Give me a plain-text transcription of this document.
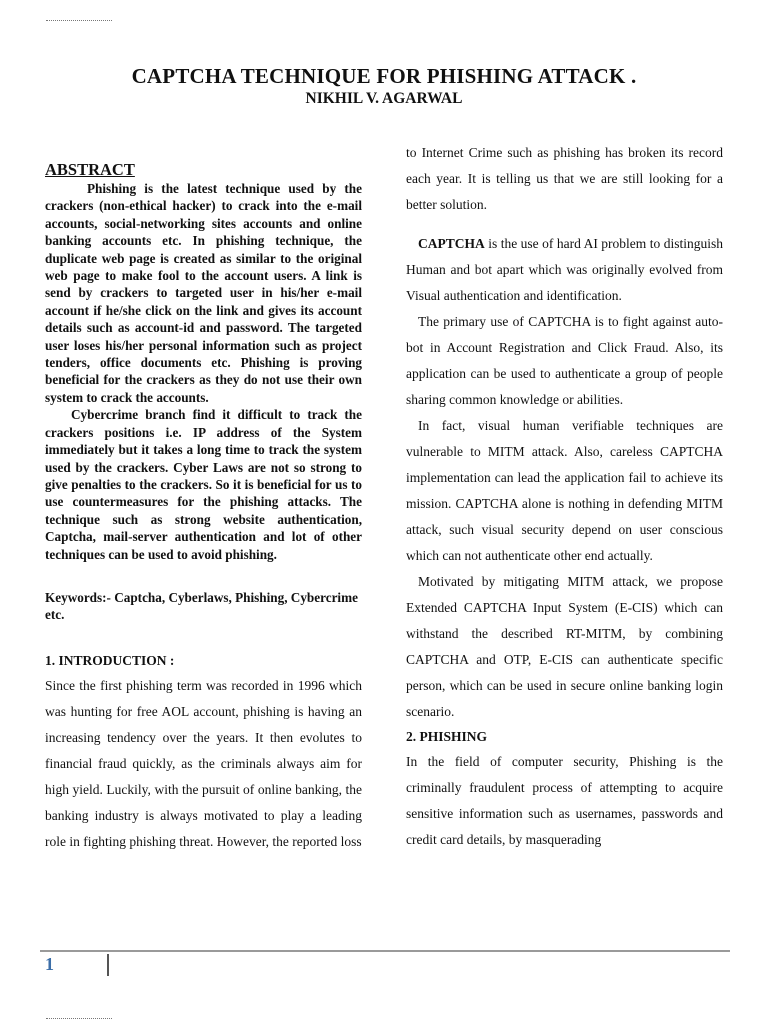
CAPTCHA TECHNIQUE FOR PHISHING ATTACK .
NIKHIL V. AGARWAL

ABSTRACT

Phishing is the latest technique used by the crackers (non-ethical hacker) to crack into the e-mail accounts, social-networking sites accounts and online banking accounts etc. In phishing technique, the duplicate web page is created as similar to the original web page to make fool to the account users. A link is send by crackers to targeted user in his/her e-mail account if he/she click on the link and gives its account details such as account-id and password. The targeted user loses his/her personal information such as project tenders, office documents etc. Phishing is proving beneficial for the crackers as they do not use their own system to crack the accounts.

Cybercrime branch find it difficult to track the crackers positions i.e. IP address of the System immediately but it takes a long time to track the system used by the crackers. Cyber Laws are not so strong to give penalties to the crackers. So it is beneficial for us to use countermeasures for the phishing attacks. The technique such as strong website authentication, Captcha, mail-server authentication and lot of other techniques can be used to avoid phishing.

Keywords:- Captcha, Cyberlaws, Phishing, Cybercrime etc.

1. INTRODUCTION :

Since the first phishing term was recorded in 1996 which was hunting for free AOL account, phishing is having an increasing tendency over the years. It then evolutes to financial fraud quickly, as the criminals always aim for high yield. Luckily, with the pursuit of online banking, the banking industry is always motivated to play a leading role in fighting phishing threat. However, the reported loss

to Internet Crime such as phishing has broken its record each year. It is telling us that we are still looking for a better solution.

CAPTCHA is the use of hard AI problem to distinguish Human and bot apart which was originally evolved from Visual authentication and identification.

The primary use of CAPTCHA is to fight against auto-bot in Account Registration and Click Fraud. Also, its application can be used to authenticate a group of people sharing common knowledge or abilities.

In fact, visual human verifiable techniques are vulnerable to MITM attack. Also, careless CAPTCHA implementation can lead the application fail to achieve its mission. CAPTCHA alone is nothing in defending MITM attack, such visual security depend on user conscious which can not authenticate other end actually.

Motivated by mitigating MITM attack, we propose Extended CAPTCHA Input System (E-CIS) which can withstand the described RT-MITM, by combining CAPTCHA and OTP, E-CIS can authenticate specific person, which can be used in secure online banking login scenario.

2. PHISHING

In the field of computer security, Phishing is the criminally fraudulent process of attempting to acquire sensitive information such as usernames, passwords and credit card details, by masquerading

1
